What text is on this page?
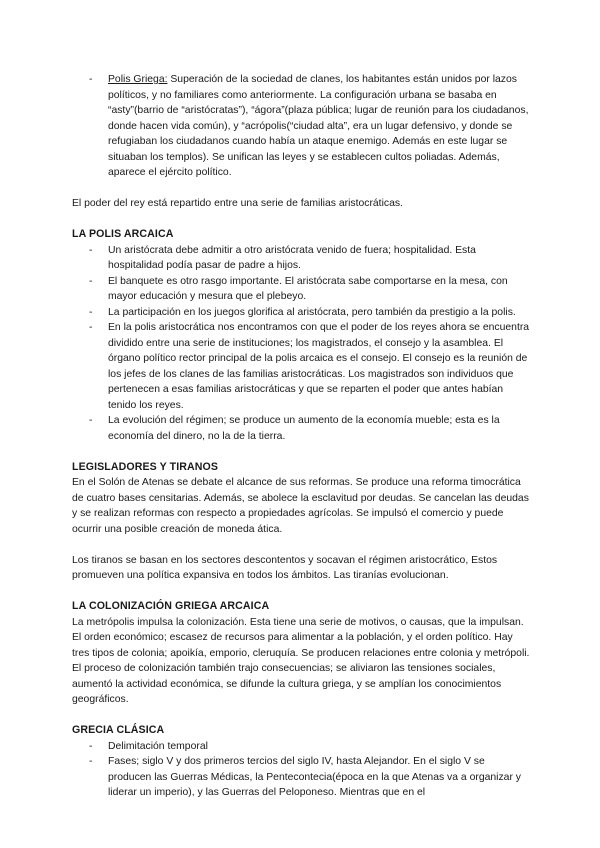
- Polis Griega: Superación de la sociedad de clanes, los habitantes están unidos por lazos políticos, y no familiares como anteriormente. La configuración urbana se basaba en “asty”(barrio de “aristócratas”), “ágora”(plaza pública; lugar de reunión para los ciudadanos, donde hacen vida común), y “acrópolis(“ciudad alta”, era un lugar defensivo, y donde se refugiaban los ciudadanos cuando había un ataque enemigo. Además en este lugar se situaban los templos). Se unifican las leyes y se establecen cultos poliadas. Además, aparece el ejército político.

El poder del rey está repartido entre una serie de familias aristocráticas.

LA POLIS ARCAICA
- Un aristócrata debe admitir a otro aristócrata venido de fuera; hospitalidad. Esta hospitalidad podía pasar de padre a hijos.
- El banquete es otro rasgo importante. El aristócrata sabe comportarse en la mesa, con mayor educación y mesura que el plebeyo.
- La participación en los juegos glorifica al aristócrata, pero también da prestigio a la polis.
- En la polis aristocrática nos encontramos con que el poder de los reyes ahora se encuentra dividido entre una serie de instituciones; los magistrados, el consejo y la asamblea. El órgano político rector principal de la polis arcaica es el consejo. El consejo es la reunión de los jefes de los clanes de las familias aristocráticas. Los magistrados son individuos que pertenecen a esas familias aristocráticas y que se reparten el poder que antes habían tenido los reyes.
- La evolución del régimen; se produce un aumento de la economía mueble; esta es la economía del dinero, no la de la tierra.
LEGISLADORES Y TIRANOS

En el Solón de Atenas se debate el alcance de sus reformas. Se produce una reforma timocrática de cuatro bases censitarias. Además, se abolece la esclavitud por deudas. Se cancelan las deudas y se realizan reformas con respecto a propiedades agrícolas. Se impulsó el comercio y puede ocurrir una posible creación de moneda ática.

Los tiranos se basan en los sectores descontentos y socavan el régimen aristocrático, Estos promueven una política expansiva en todos los ámbitos. Las tiranías evolucionan.

LA COLONIZACIÓN GRIEGA ARCAICA

La metrópolis impulsa la colonización. Esta tiene una serie de motivos, o causas, que la impulsan. El orden económico; escasez de recursos para alimentar a la población, y el orden político. Hay tres tipos de colonia; apoikía, emporio, cleruquía. Se producen relaciones entre colonia y metrópoli. El proceso de colonización también trajo consecuencias; se aliviaron las tensiones sociales, aumentó la actividad económica, se difunde la cultura griega, y se amplían los conocimientos geográficos.

GRECIA CLÁSICA
- Delimitación temporal
- Fases; siglo V y dos primeros tercios del siglo IV, hasta Alejandor. En el siglo V se producen las Guerras Médicas, la Pentecontecia(época en la que Atenas va a organizar y liderar un imperio), y las Guerras del Peloponeso. Mientras que en el
